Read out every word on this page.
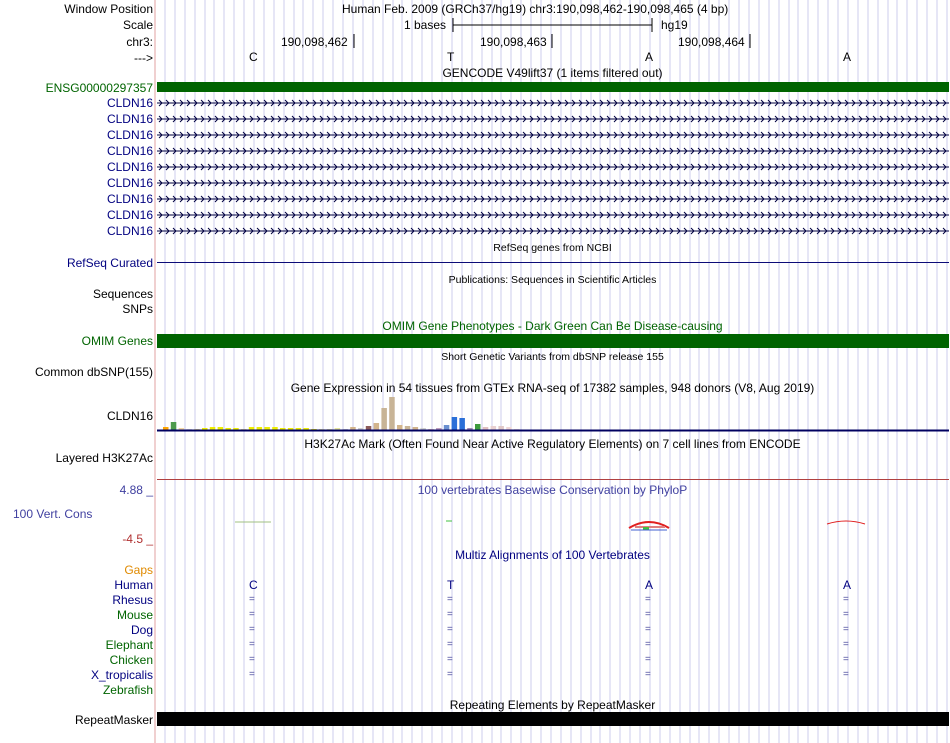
Window Position	Human Feb. 2009 (GRCh37/hg19) chr3:190,098,462-190,098,465 (4 bp)
Scale	1 bases	hg19
chr3:	190,098,462	190,098,463	190,098,464
--->	C	T	A	A
GENCODE V49lift37 (1 items filtered out)
ENSG00000297357
CLDN16
CLDN16
CLDN16
CLDN16
CLDN16
CLDN16
CLDN16
CLDN16
CLDN16
RefSeq genes from NCBI
RefSeq Curated
Publications: Sequences in Scientific Articles
Sequences
SNPs
OMIM Gene Phenotypes - Dark Green Can Be Disease-causing
OMIM Genes
Short Genetic Variants from dbSNP release 155
Common dbSNP(155)
Gene Expression in 54 tissues from GTEx RNA-seq of 17382 samples, 948 donors (V8, Aug 2019)
CLDN16
H3K27Ac Mark (Often Found Near Active Regulatory Elements) on 7 cell lines from ENCODE
Layered H3K27Ac
4.88 _	100 vertebrates Basewise Conservation by PhyloP
100 Vert. Cons
-4.5 _
Multiz Alignments of 100 Vertebrates
Gaps
Human	C	T	A	A
Rhesus	=	=	=	=
Mouse	=	=	=	=
Dog	=	=	=	=
Elephant	=	=	=	=
Chicken	=	=	=	=
X_tropicalis	=	=	=	=
Zebrafish
Repeating Elements by RepeatMasker
RepeatMasker
